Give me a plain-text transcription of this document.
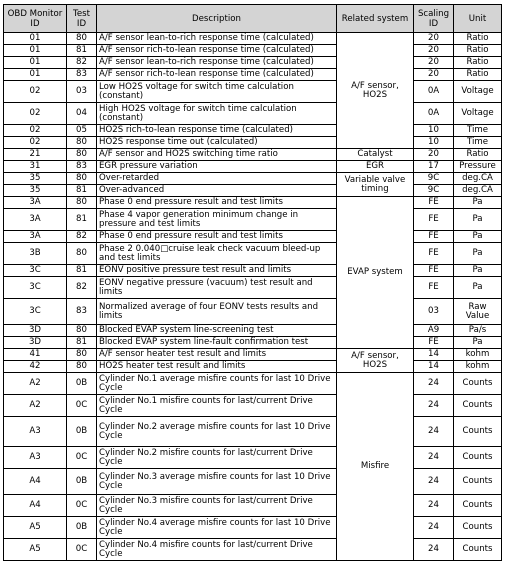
OBD Monitor ID	Test ID	Description	Related system	Scaling ID	Unit
01	80	A/F sensor lean-to-rich response time (calculated)	A/F sensor, HO2S	20	Ratio
01	81	A/F sensor rich-to-lean response time (calculated)		20	Ratio
01	82	A/F sensor lean-to-rich response time (calculated)		20	Ratio
01	83	A/F sensor rich-to-lean response time (calculated)		20	Ratio
02	03	Low HO2S voltage for switch time calculation (constant)		0A	Voltage
02	04	High HO2S voltage for switch time calculation (constant)		0A	Voltage
02	05	HO2S rich-to-lean response time (calculated)		10	Time
02	80	HO2S response time out (calculated)		10	Time
21	80	A/F sensor and HO2S switching time ratio	Catalyst	20	Ratio
31	83	EGR pressure variation	EGR	17	Pressure
35	80	Over-retarded	Variable valve timing	9C	deg.CA
35	81	Over-advanced		9C	deg.CA
3A	80	Phase 0 end pressure result and test limits	EVAP system	FE	Pa
3A	81	Phase 4 vapor generation minimum change in pressure and test limits		FE	Pa
3A	82	Phase 0 end pressure result and test limits		FE	Pa
3B	80	Phase 2 0.040□cruise leak check vacuum bleed-up and test limits		FE	Pa
3C	81	EONV positive pressure test result and limits		FE	Pa
3C	82	EONV negative pressure (vacuum) test result and limits		FE	Pa
3C	83	Normalized average of four EONV tests results and limits		03	Raw Value
3D	80	Blocked EVAP system line-screening test		A9	Pa/s
3D	81	Blocked EVAP system line-fault confirmation test		FE	Pa
41	80	A/F sensor heater test result and limits	A/F sensor, HO2S	14	kohm
42	80	HO2S heater test result and limits		14	kohm
A2	0B	Cylinder No.1 average misfire counts for last 10 Drive Cycle	Misfire	24	Counts
A2	0C	Cylinder No.1 misfire counts for last/current Drive Cycle		24	Counts
A3	0B	Cylinder No.2 average misfire counts for last 10 Drive Cycle		24	Counts
A3	0C	Cylinder No.2 misfire counts for last/current Drive Cycle		24	Counts
A4	0B	Cylinder No.3 average misfire counts for last 10 Drive Cycle		24	Counts
A4	0C	Cylinder No.3 misfire counts for last/current Drive Cycle		24	Counts
A5	0B	Cylinder No.4 average misfire counts for last 10 Drive Cycle		24	Counts
A5	0C	Cylinder No.4 misfire counts for last/current Drive Cycle		24	Counts
